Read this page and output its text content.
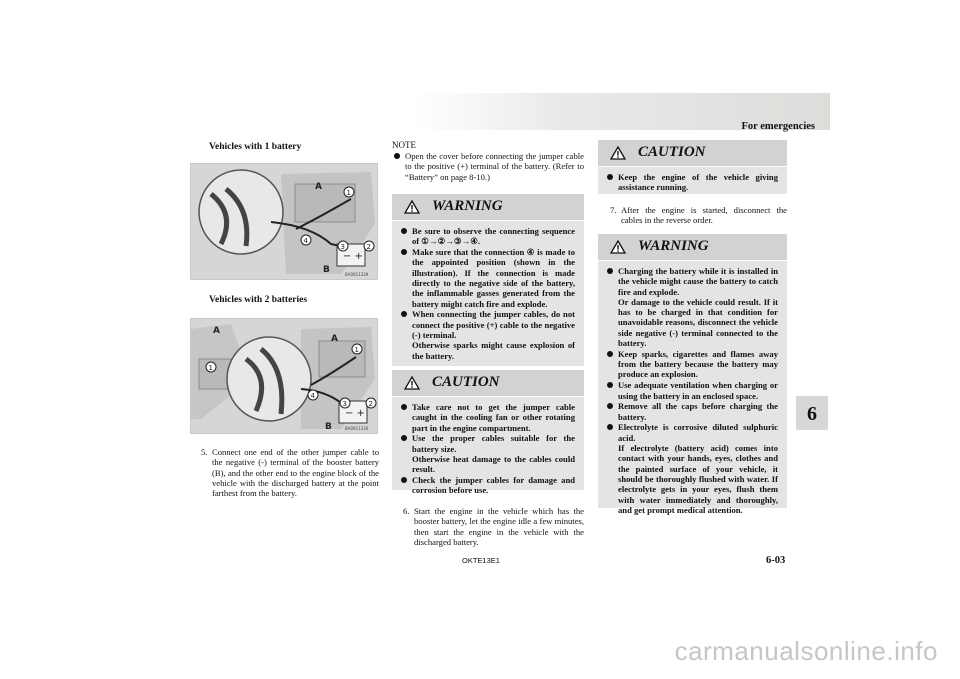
For emergencies
6
Vehicles with 1 battery
− +
A
B
1
2
3
4
BA0911329
Vehicles with 2 batteries
− +
A
A
B
1
1
2
3
4
BA0911330
5. Connect one end of the other jumper cable to the negative (-) terminal of the booster battery (B), and the other end to the engine block of the vehicle with the discharged battery at the point farthest from the battery.
NOTE
Open the cover before connecting the jumper cable to the positive (+) terminal of the battery. (Refer to “Battery” on page 8-10.)
WARNING
Be sure to observe the connecting sequence of ①→②→③→④.
Make sure that the connection ④ is made to the appointed position (shown in the illustration). If the connection is made directly to the negative side of the battery, the inflammable gasses generated from the battery might catch fire and explode.
When connecting the jumper cables, do not connect the positive (+) cable to the negative (-) terminal.
Otherwise sparks might cause explosion of the battery.
CAUTION
Take care not to get the jumper cable caught in the cooling fan or other rotating part in the engine compartment.
Use the proper cables suitable for the battery size.
Otherwise heat damage to the cables could result.
Check the jumper cables for damage and corrosion before use.
6. Start the engine in the vehicle which has the booster battery, let the engine idle a few minutes, then start the engine in the vehicle with the discharged battery.
CAUTION
Keep the engine of the vehicle giving assistance running.
7. After the engine is started, disconnect the cables in the reverse order.
WARNING
Charging the battery while it is installed in the vehicle might cause the battery to catch fire and explode.
Or damage to the vehicle could result. If it has to be charged in that condition for unavoidable reasons, disconnect the vehicle side negative (-) terminal connected to the battery.
Keep sparks, cigarettes and flames away from the battery because the battery may produce an explosion.
Use adequate ventilation when charging or using the battery in an enclosed space.
Remove all the caps before charging the battery.
Electrolyte is corrosive diluted sulphuric acid.
If electrolyte (battery acid) comes into contact with your hands, eyes, clothes and the painted surface of your vehicle, it should be thoroughly flushed with water. If electrolyte gets in your eyes, flush them with water immediately and thoroughly, and get prompt medical attention.
OKTE13E1	6-03
carmanualsonline.info
